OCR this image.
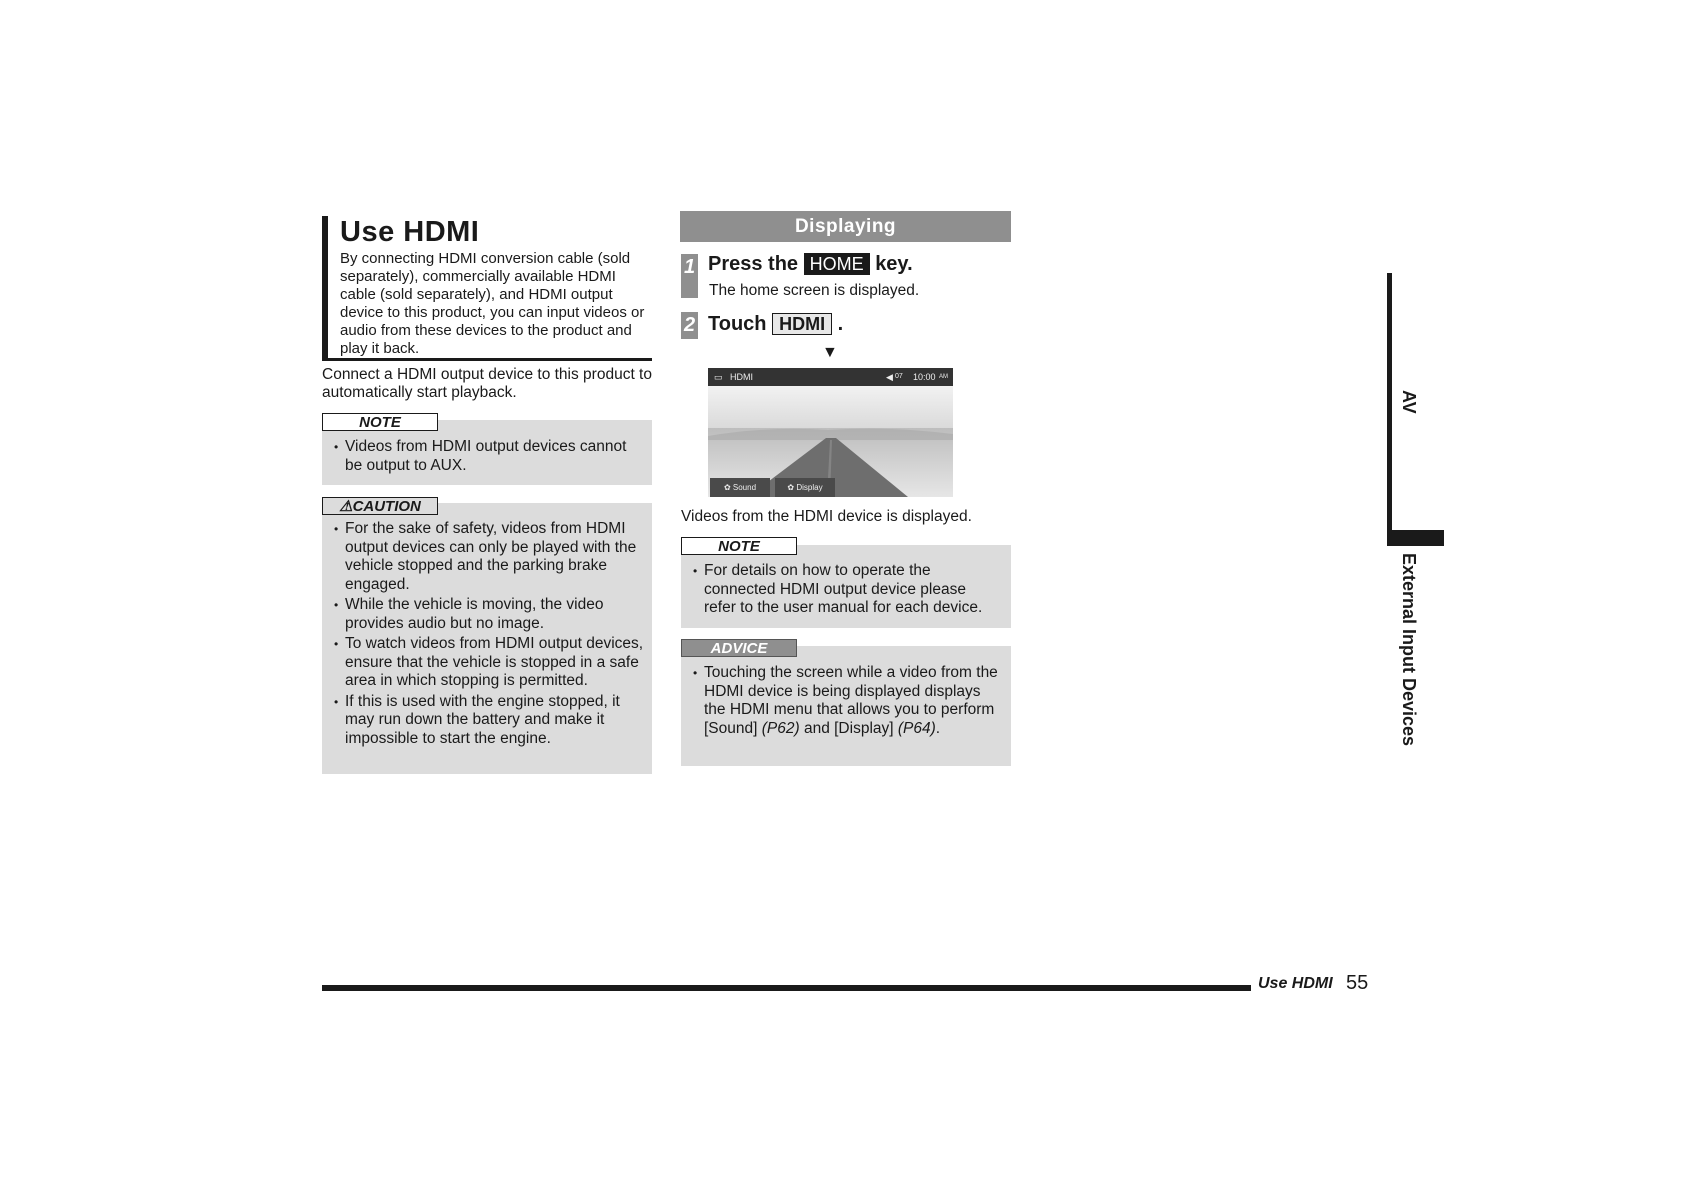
Use HDMI
By connecting HDMI conversion cable (sold separately), commercially available HDMI cable (sold separately), and HDMI output device to this product, you can input videos or audio from these devices to the product and play it back.
Connect a HDMI output device to this product to automatically start playback.
• Videos from HDMI output devices cannot be output to AUX.
NOTE
• For the sake of safety, videos from HDMI output devices can only be played with the vehicle stopped and the parking brake engaged.
• While the vehicle is moving, the video provides audio but no image.
• To watch videos from HDMI output devices, ensure that the vehicle is stopped in a safe area in which stopping is permitted.
• If this is used with the engine stopped, it may run down the battery and make it impossible to start the engine.
⚠CAUTION
Displaying
1 Press the HOME key.
The home screen is displayed.
2 Touch HDMI .
▼
▭ HDMI	◀ 07 10:00 AM
✿ Sound	✿ Display
Videos from the HDMI device is displayed.
• For details on how to operate the connected HDMI output device please refer to the user manual for each device.
NOTE
• Touching the screen while a video from the HDMI device is being displayed displays the HDMI menu that allows you to perform [Sound] (P62) and [Display] (P64).
ADVICE
AV
External Input Devices
Use HDMI 55
